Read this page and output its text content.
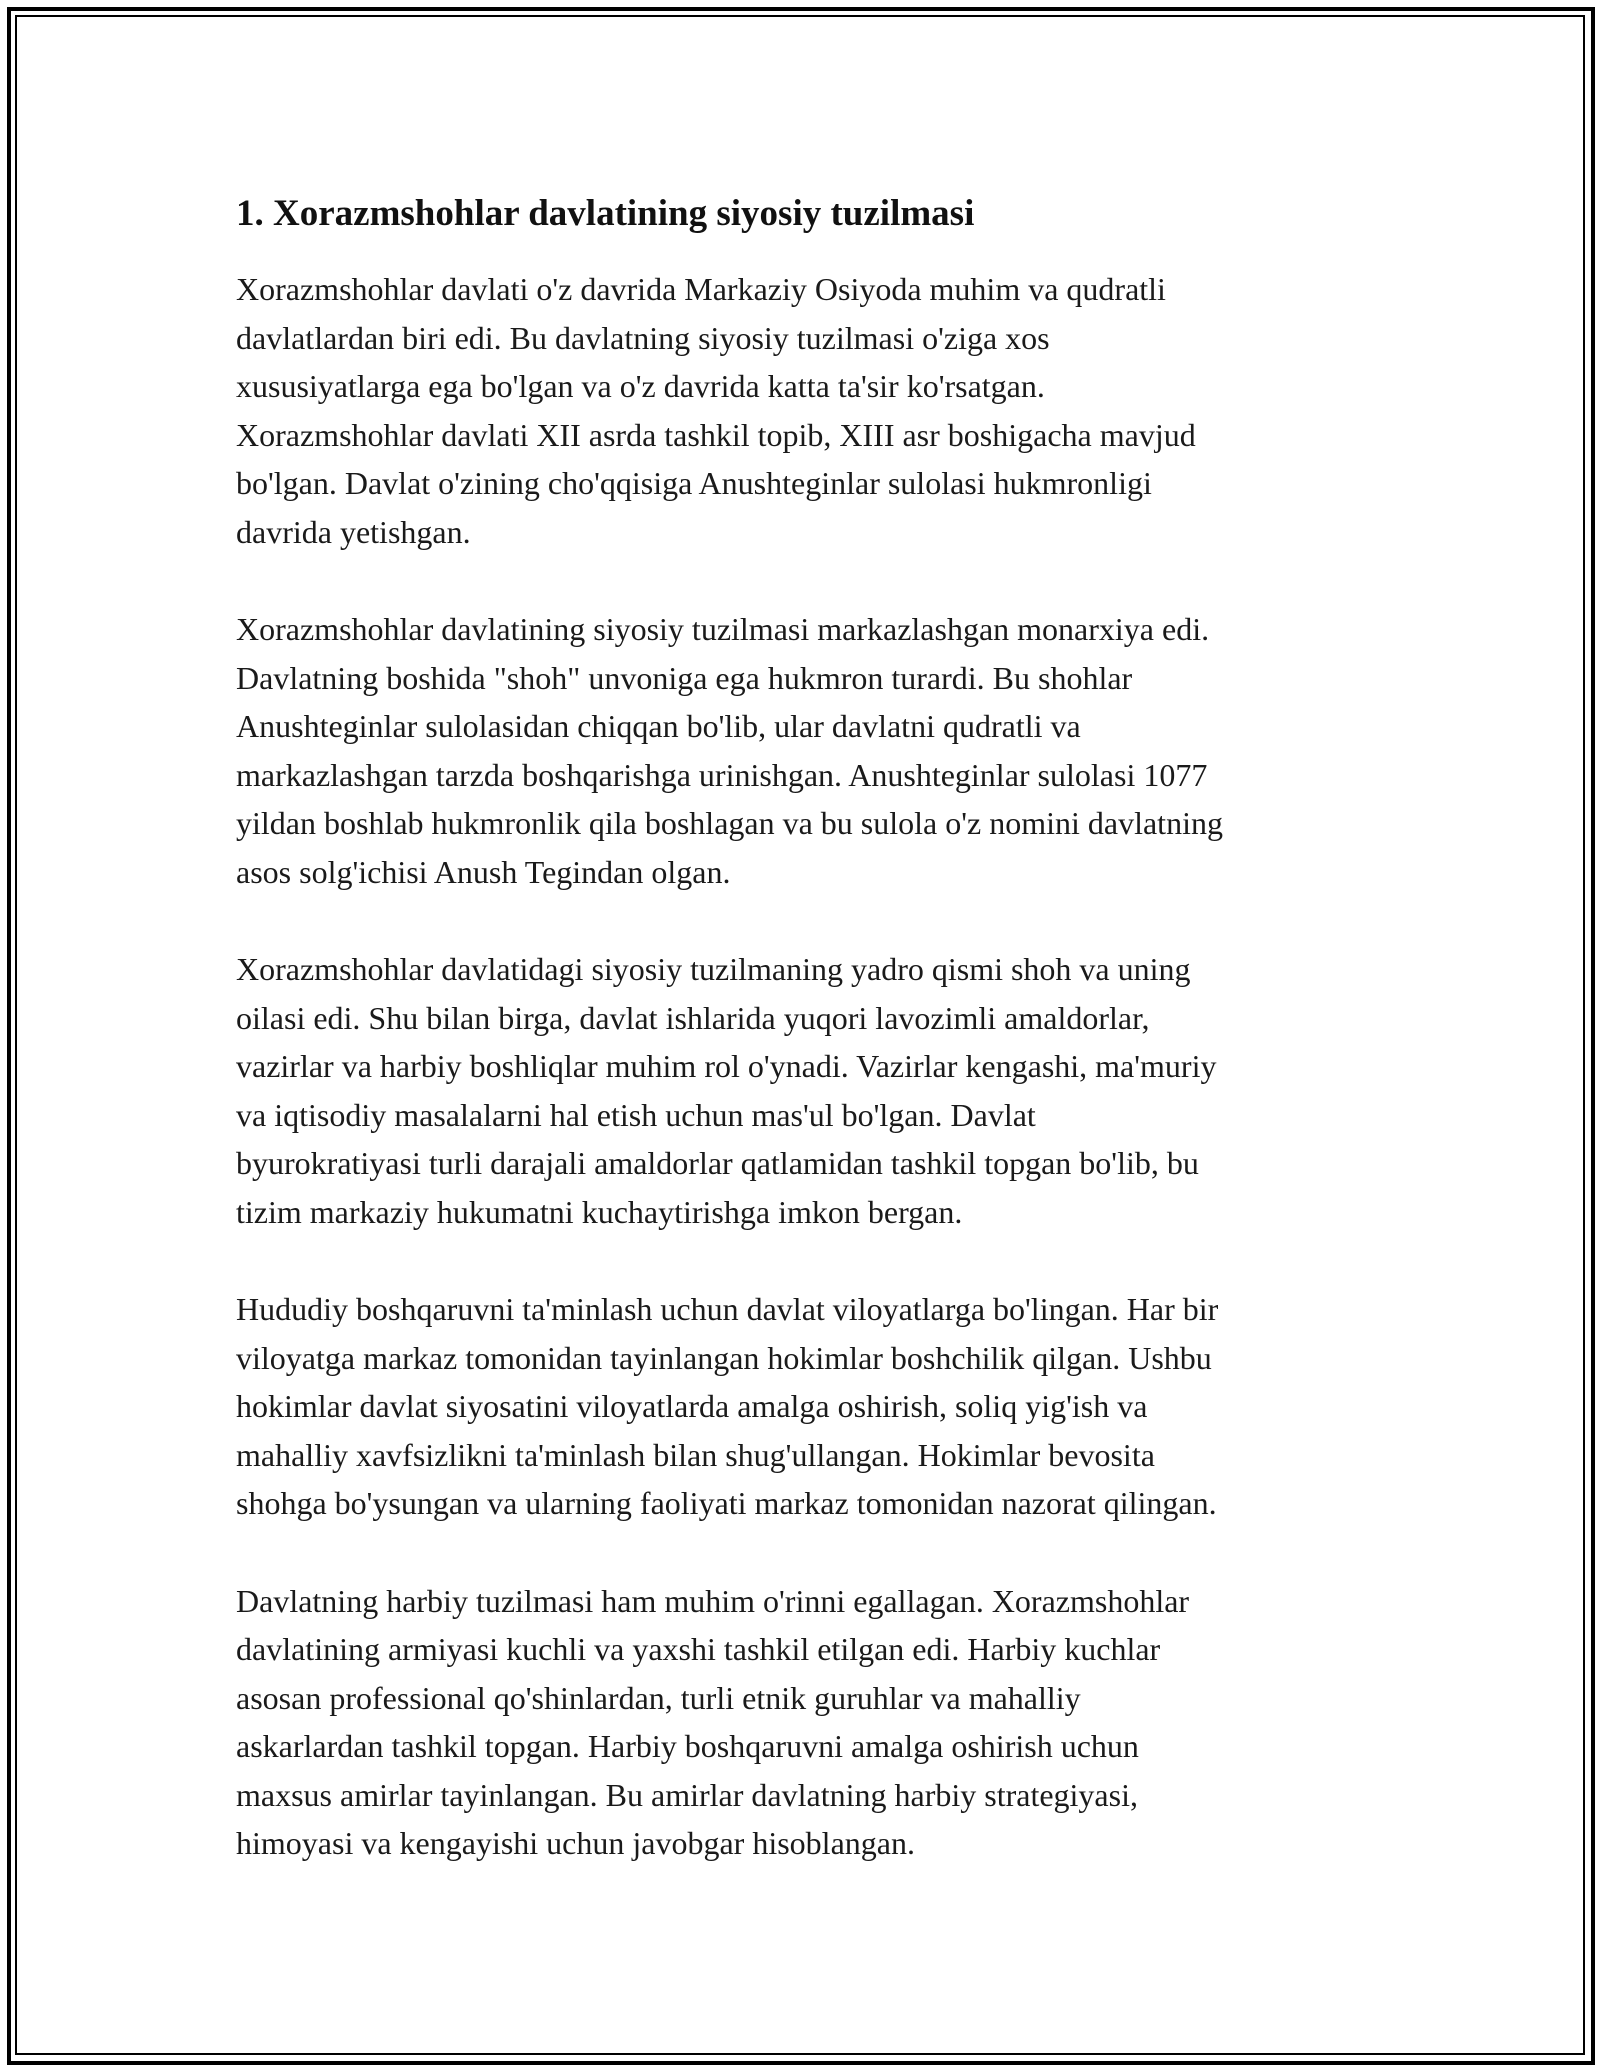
1. Xorazmshohlar davlatining siyosiy tuzilmasi

Xorazmshohlar davlati o'z davrida Markaziy Osiyoda muhim va qudratli
davlatlardan biri edi. Bu davlatning siyosiy tuzilmasi o'ziga xos
xususiyatlarga ega bo'lgan va o'z davrida katta ta'sir ko'rsatgan.
Xorazmshohlar davlati XII asrda tashkil topib, XIII asr boshigacha mavjud
bo'lgan. Davlat o'zining cho'qqisiga Anushteginlar sulolasi hukmronligi
davrida yetishgan.

Xorazmshohlar davlatining siyosiy tuzilmasi markazlashgan monarxiya edi.
Davlatning boshida "shoh" unvoniga ega hukmron turardi. Bu shohlar
Anushteginlar sulolasidan chiqqan bo'lib, ular davlatni qudratli va
markazlashgan tarzda boshqarishga urinishgan. Anushteginlar sulolasi 1077
yildan boshlab hukmronlik qila boshlagan va bu sulola o'z nomini davlatning
asos solg'ichisi Anush Tegindan olgan.

Xorazmshohlar davlatidagi siyosiy tuzilmaning yadro qismi shoh va uning
oilasi edi. Shu bilan birga, davlat ishlarida yuqori lavozimli amaldorlar,
vazirlar va harbiy boshliqlar muhim rol o'ynadi. Vazirlar kengashi, ma'muriy
va iqtisodiy masalalarni hal etish uchun mas'ul bo'lgan. Davlat
byurokratiyasi turli darajali amaldorlar qatlamidan tashkil topgan bo'lib, bu
tizim markaziy hukumatni kuchaytirishga imkon bergan.

Hududiy boshqaruvni ta'minlash uchun davlat viloyatlarga bo'lingan. Har bir
viloyatga markaz tomonidan tayinlangan hokimlar boshchilik qilgan. Ushbu
hokimlar davlat siyosatini viloyatlarda amalga oshirish, soliq yig'ish va
mahalliy xavfsizlikni ta'minlash bilan shug'ullangan. Hokimlar bevosita
shohga bo'ysungan va ularning faoliyati markaz tomonidan nazorat qilingan.

Davlatning harbiy tuzilmasi ham muhim o'rinni egallagan. Xorazmshohlar
davlatining armiyasi kuchli va yaxshi tashkil etilgan edi. Harbiy kuchlar
asosan professional qo'shinlardan, turli etnik guruhlar va mahalliy
askarlardan tashkil topgan. Harbiy boshqaruvni amalga oshirish uchun
maxsus amirlar tayinlangan. Bu amirlar davlatning harbiy strategiyasi,
himoyasi va kengayishi uchun javobgar hisoblangan.
